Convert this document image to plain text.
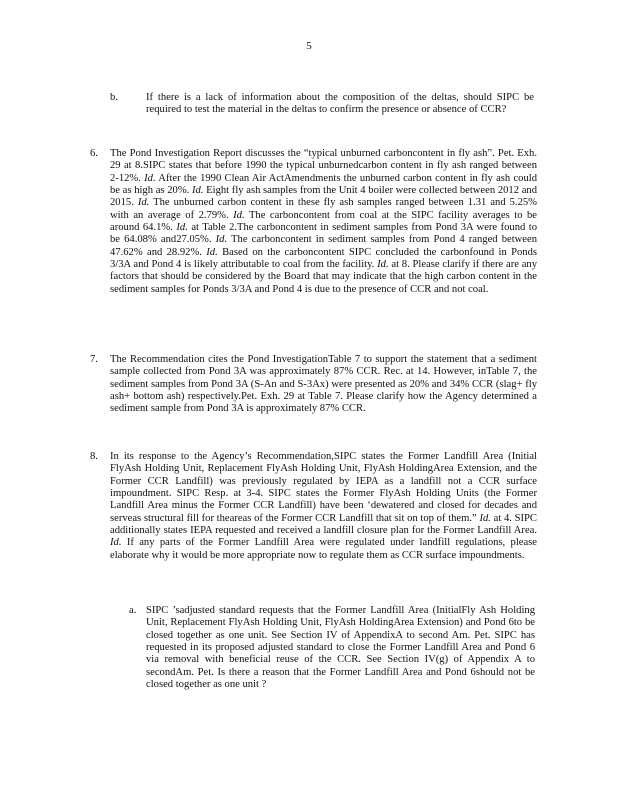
5
b.	If there is a lack of information about the composition of the deltas, should SIPC be required to test the material in the deltas to confirm the presence or absence of CCR?
6. The Pond Investigation Report discusses the “typical unburned carboncontent in fly ash”. Pet. Exh. 29 at 8.SIPC states that before 1990 the typical unburnedcarbon content in fly ash ranged between 2-12%. Id. After the 1990 Clean Air ActAmendments the unburned carbon content in fly ash could be as high as 20%. Id. Eight fly ash samples from the Unit 4 boiler were collected between 2012 and 2015. Id. The unburned carbon content in these fly ash samples ranged between 1.31 and 5.25% with an average of 2.79%. Id. The carboncontent from coal at the SIPC facility averages to be around 64.1%. Id. at Table 2.The carboncontent in sediment samples from Pond 3A were found to be 64.08% and27.05%. Id. The carboncontent in sediment samples from Pond 4 ranged between 47.62% and 28.92%. Id. Based on the carboncontent SIPC concluded the carbonfound in Ponds 3/3A and Pond 4 is likely attributable to coal from the facility. Id. at 8. Please clarify if there are any factors that should be considered by the Board that may indicate that the high carbon content in the sediment samples for Ponds 3/3A and Pond 4 is due to the presence of CCR and not coal.
7. The Recommendation cites the Pond InvestigationTable 7 to support the statement that a sediment sample collected from Pond 3A was approximately 87% CCR. Rec. at 14. However, inTable 7, the sediment samples from Pond 3A (S-An and S-3Ax) were presented as 20% and 34% CCR (slag+ fly ash+ bottom ash) respectively.Pet. Exh. 29 at Table 7. Please clarify how the Agency determined a sediment sample from Pond 3A is approximately 87% CCR.
8. In its response to the Agency’s Recommendation,SIPC states the Former Landfill Area (Initial FlyAsh Holding Unit, Replacement FlyAsh Holding Unit, FlyAsh HoldingArea Extension, and the Former CCR Landfill) was previously regulated by IEPA as a landfill not a CCR surface impoundment. SIPC Resp. at 3-4. SIPC states the Former FlyAsh Holding Units (the Former Landfill Area minus the Former CCR Landfill) have been ‘dewatered and closed for decades and serveas structural fill for theareas of the Former CCR Landfill that sit on top of them.” Id. at 4. SIPC additionally states IEPA requested and received a landfill closure plan for the Former Landfill Area. Id. If any parts of the Former Landfill Area were regulated under landfill regulations, please elaborate why it would be more appropriate now to regulate them as CCR surface impoundments.
a. SIPC ’sadjusted standard requests that the Former Landfill Area (InitialFly Ash Holding Unit, Replacement FlyAsh Holding Unit, FlyAsh HoldingArea Extension) and Pond 6to be closed together as one unit. See Section IV of AppendixA to second Am. Pet. SIPC has requested in its proposed adjusted standard to close the Former Landfill Area and Pond 6 via removal with beneficial reuse of the CCR. See Section IV(g) of Appendix A to secondAm. Pet. Is there a reason that the Former Landfill Area and Pond 6should not be closed together as one unit ?
